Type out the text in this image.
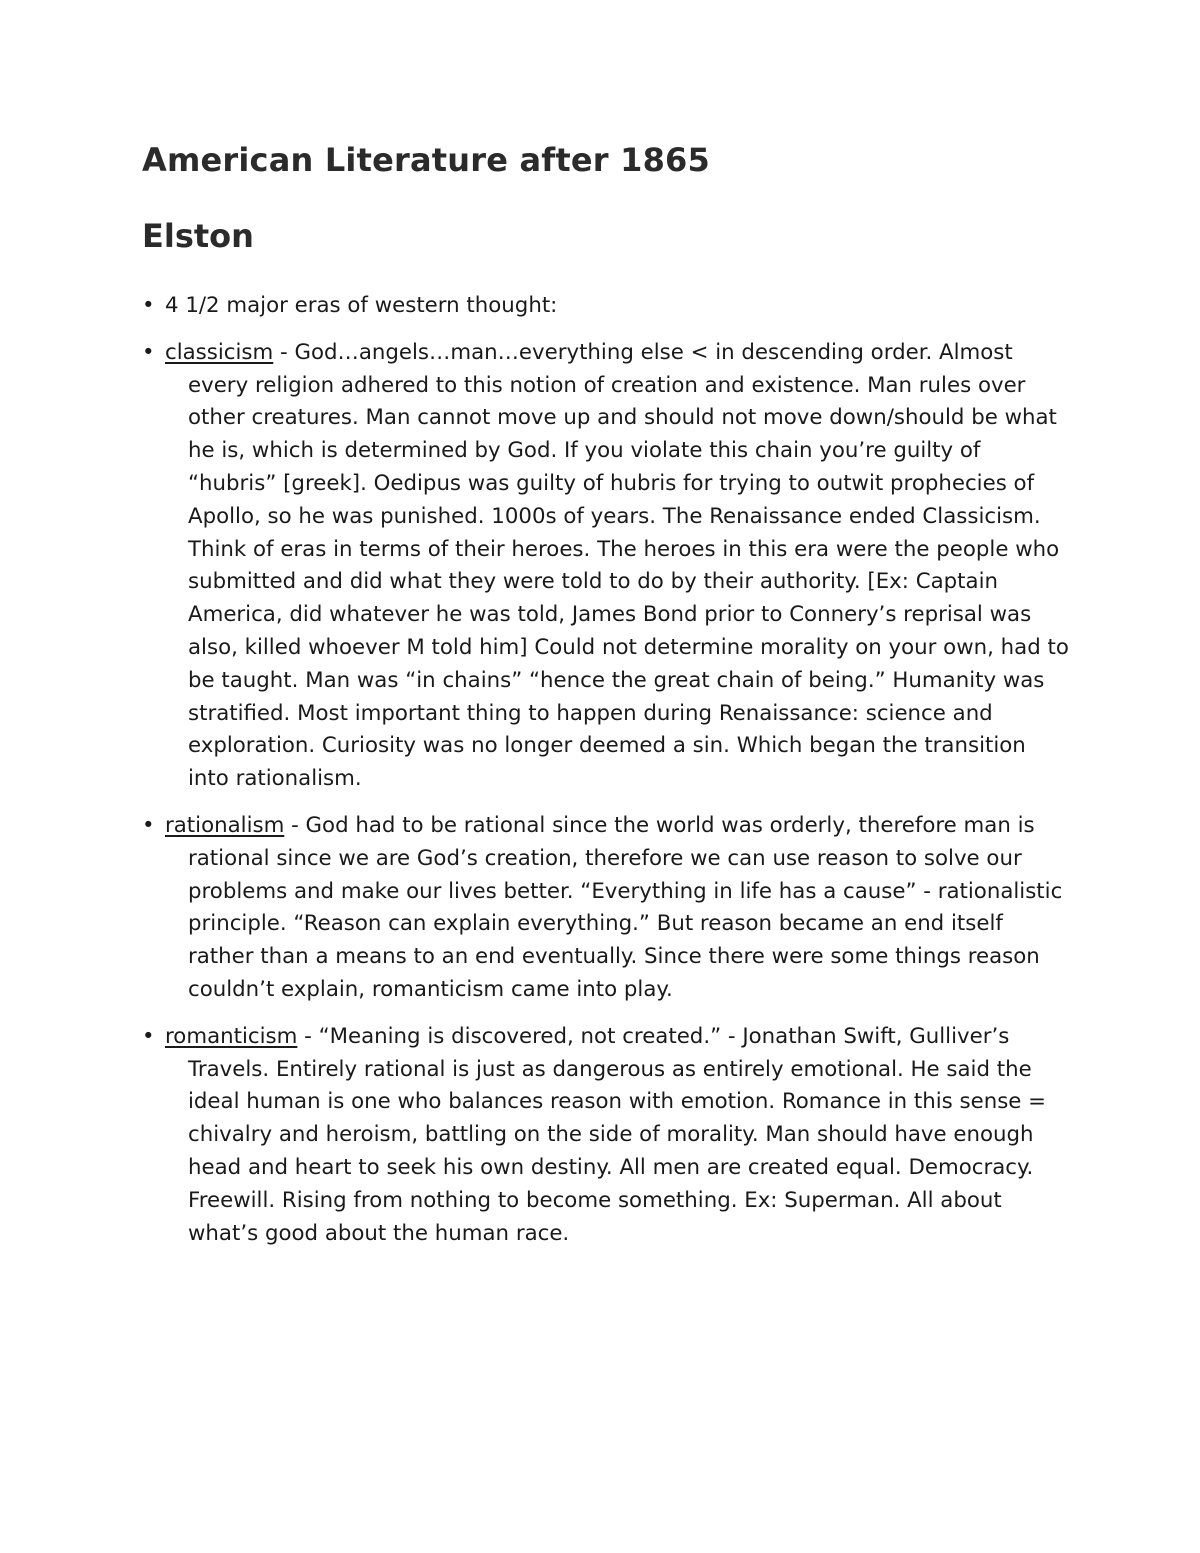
American Literature after 1865
Elston
• 4 1/2 major eras of western thought:
• classicism - God…angels…man…everything else < in descending order. Almost every religion adhered to this notion of creation and existence. Man rules over other creatures. Man cannot move up and should not move down/should be what he is, which is determined by God. If you violate this chain you’re guilty of “hubris” [greek]. Oedipus was guilty of hubris for trying to outwit prophecies of Apollo, so he was punished. 1000s of years. The Renaissance ended Classicism. Think of eras in terms of their heroes. The heroes in this era were the people who submitted and did what they were told to do by their authority. [Ex: Captain America, did whatever he was told, James Bond prior to Connery’s reprisal was also, killed whoever M told him] Could not determine morality on your own, had to be taught. Man was “in chains” “hence the great chain of being.” Humanity was stratified. Most important thing to happen during Renaissance: science and exploration. Curiosity was no longer deemed a sin. Which began the transition into rationalism.
• rationalism - God had to be rational since the world was orderly, therefore man is rational since we are God’s creation, therefore we can use reason to solve our problems and make our lives better. “Everything in life has a cause” - rationalistic principle. “Reason can explain everything.” But reason became an end itself rather than a means to an end eventually. Since there were some things reason couldn’t explain, romanticism came into play.
• romanticism - “Meaning is discovered, not created.” - Jonathan Swift, Gulliver’s Travels. Entirely rational is just as dangerous as entirely emotional. He said the ideal human is one who balances reason with emotion. Romance in this sense = chivalry and heroism, battling on the side of morality. Man should have enough head and heart to seek his own destiny. All men are created equal. Democracy. Freewill. Rising from nothing to become something. Ex: Superman. All about what’s good about the human race.
